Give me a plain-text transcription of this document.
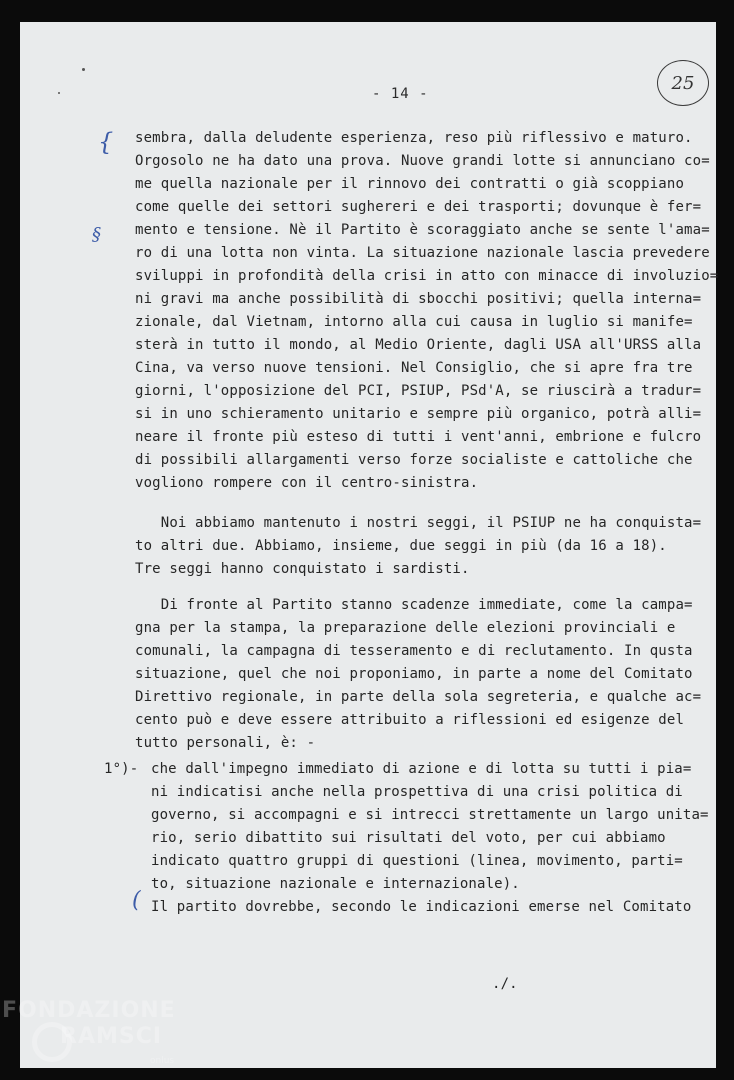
- 14 -
25
{
§
(
sembra, dalla deludente esperienza, reso più riflessivo e maturo.
Orgosolo ne ha dato una prova. Nuove grandi lotte si annunciano co=
me quella nazionale per il rinnovo dei contratti o già scoppiano
come quelle dei settori sughererі e dei trasporti; dovunque è fer=
mento e tensione. Nè il Partito è scoraggiato anche se sente l'ama=
ro di una lotta non vinta. La situazione nazionale lascia prevedere
sviluppi in profondità della crisi in atto con minacce di involuzio=
ni gravi ma anche possibilità di sbocchi positivi; quella interna=
zionale, dal Vietnam, intorno alla cui causa in luglio si manife=
sterà in tutto il mondo, al Medio Oriente, dagli USA all'URSS alla
Cina, va verso nuove tensioni. Nel Consiglio, che si apre fra tre
giorni, l'opposizione del PCI, PSIUP, PSd'A, se riuscirà a tradur=
si in uno schieramento unitario e sempre più organico, potrà alli=
neare il fronte più esteso di tutti i vent'anni, embrione e fulcro
di possibili allargamenti verso forze socialiste e cattoliche che
vogliono rompere con il centro-sinistra.
Noi abbiamo mantenuto i nostri seggi, il PSIUP ne ha conquista=
to altri due. Abbiamo, insieme, due seggi in più (da 16 a 18).
Tre seggi hanno conquistato i sardisti.
Di fronte al Partito stanno scadenze immediate, come la campa=
gna per la stampa, la preparazione delle elezioni provinciali e
comunali, la campagna di tesseramento e di reclutamento. In qusta
situazione, quel che noi proponiamo, in parte a nome del Comitato
Direttivo regionale, in parte della sola segreteria, e qualche ac=
cento può e deve essere attribuito a riflessioni ed esigenze del
tutto personali, è: -
1°)- che dall'impegno immediato di azione e di lotta su tutti i pia=
ni indicatisi anche nella prospettiva di una crisi politica di
governo, si accompagni e si intrecci strettamente un largo unita=
rio, serio dibattito sui risultati del voto, per cui abbiamo
indicato quattro gruppi di questioni (linea, movimento, parti=
to, situazione nazionale e internazionale).
Il partito dovrebbe, secondo le indicazioni emerse nel Comitato
./.
FONDAZIONE
RAMSCI
onlus
